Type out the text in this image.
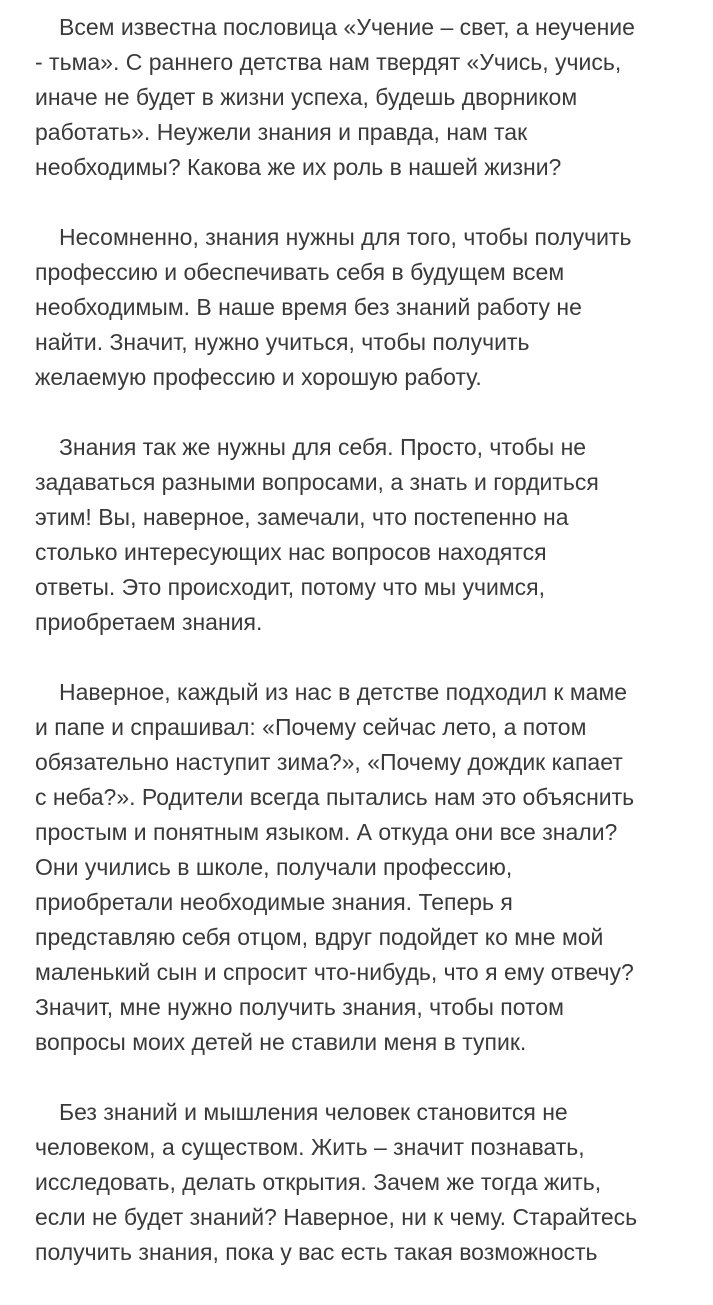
Всем известна пословица «Учение – свет, а неучение
- тьма». С раннего детства нам твердят «Учись, учись,
иначе не будет в жизни успеха, будешь дворником
работать». Неужели знания и правда, нам так
необходимы? Какова же их роль в нашей жизни?
Несомненно, знания нужны для того, чтобы получить
профессию и обеспечивать себя в будущем всем
необходимым. В наше время без знаний работу не
найти. Значит, нужно учиться, чтобы получить
желаемую профессию и хорошую работу.
Знания так же нужны для себя. Просто, чтобы не
задаваться разными вопросами, а знать и гордиться
этим! Вы, наверное, замечали, что постепенно на
столько интересующих нас вопросов находятся
ответы. Это происходит, потому что мы учимся,
приобретаем знания.
Наверное, каждый из нас в детстве подходил к маме
и папе и спрашивал: «Почему сейчас лето, а потом
обязательно наступит зима?», «Почему дождик капает
с неба?». Родители всегда пытались нам это объяснить
простым и понятным языком. А откуда они все знали?
Они учились в школе, получали профессию,
приобретали необходимые знания. Теперь я
представляю себя отцом, вдруг подойдет ко мне мой
маленький сын и спросит что-нибудь, что я ему отвечу?
Значит, мне нужно получить знания, чтобы потом
вопросы моих детей не ставили меня в тупик.
Без знаний и мышления человек становится не
человеком, а существом. Жить – значит познавать,
исследовать, делать открытия. Зачем же тогда жить,
если не будет знаний? Наверное, ни к чему. Старайтесь
получить знания, пока у вас есть такая возможность
